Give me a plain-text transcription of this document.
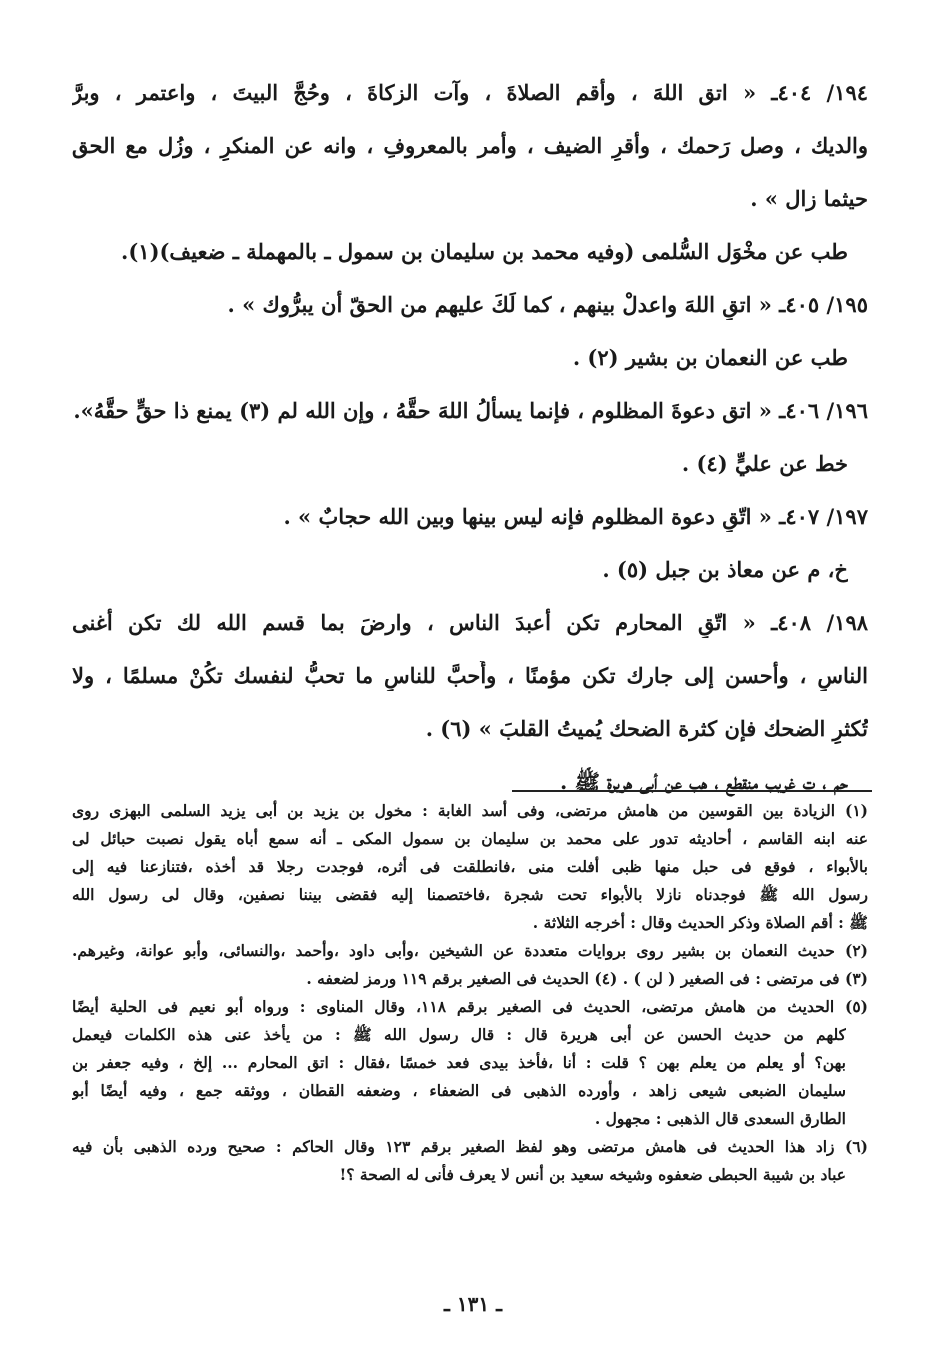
١٩٤/ ٤٠٤ـ « اتق اللهَ ، وأقم الصلاةَ ، وآت الزكاةَ ، وحُجَّ البيتَ ، واعتمر ، وبرَّ
والديك ، وصل رَحمك ، وأقرِ الضيف ، وأمر بالمعروفِ ، وانه عن المنكرِ ، وزُل مع الحق
حيثما زال » .
طب عن مخْوَل السُّلمى (وفيه محمد بن سليمان بن سمول ـ بالمهملة ـ ضعيف)(١).
١٩٥/ ٤٠٥ـ « اتقِ اللهَ واعدلْ بينهم ، كما لَكَ عليهم من الحقّ أن يبرُّوك » .
طب عن النعمان بن بشير (٢) .
١٩٦/ ٤٠٦ـ « اتق دعوةَ المظلوم ، فإنما يسألُ اللهَ حقَّهُ ، وإن الله لم (٣) يمنع ذا حقٍّ حقَّهُ».
خط عن عليٍّ (٤) .
١٩٧/ ٤٠٧ـ « اتّقِ دعوة المظلوم فإنه ليس بينها وبين الله حجابٌ » .
خ، م عن معاذ بن جبل (٥) .
١٩٨/ ٤٠٨ـ « اتّقِ المحارم تكن أعبدَ الناس ، وارضَ بما قسم الله لك تكن أغنى
الناسِ ، وأحسن إلى جارك تكن مؤمنًا ، وأَحبَّ للناسِ ما تحبُّ لنفسك تكُنْ مسلمًا ، ولا
تُكثرِ الضحك فإن كثرة الضحك يُميتُ القلبَ » (٦) .
حم ، ت غريب منقطع ، هب عن أبى هريرة ﷺ .
(١) الزيادة بين القوسين من هامش مرتضى، وفى أسد الغابة : مخول بن يزيد بن أبى يزيد السلمى البهزى روى
عنه ابنه القاسم ، أحاديثه تدور على محمد بن سليمان بن سمول المكى ـ أنه سمع أباه يقول نصبت حبائل لى
بالأبواء ، فوقع فى حبل منها ظبى أفلت منى ،فانطلقت فى أثره، فوجدت رجلا قد أخذه ،فتنازعنا فيه إلى
رسول الله ﷺ فوجدناه نازلا بالأبواء تحت شجرة ،فاختصمنا إليه فقضى بيننا نصفين، وقال لى رسول الله
ﷺ : أقم الصلاة وذكر الحديث وقال : أخرجه الثلاثة .
(٢) حديث النعمان بن بشير روى بروايات متعددة عن الشيخين ،وأبى داود ،وأحمد ،والنسائى، وأبو عوانة، وغيرهم.
(٣) فى مرتضى : فى الصغير ( لن ) . (٤) الحديث فى الصغير برقم ١١٩ ورمز لضعفه .
(٥) الحديث من هامش مرتضى، الحديث فى الصغير برقم ١١٨، وقال المناوى : ورواه أبو نعيم فى الحلية أيضًا
كلهم من حديث الحسن عن أبى هريرة قال : قال رسول الله ﷺ : من يأخذ عنى هذه الكلمات فيعمل
بهن؟ أو يعلم من يعلم بهن ؟ قلت : أنا ،فأخذ بيدى فعد خمسًا ،فقال : اتق المحارم ... إلخ ، وفيه جعفر بن
سليمان الضبعى شيعى زاهد ، وأورده الذهبى فى الضعفاء ، وضعفه القطان ، ووثقه جمع ، وفيه أيضًا أبو
الطارق السعدى قال الذهبى : مجهول .
(٦) زاد هذا الحديث فى هامش مرتضى وهو لفظ الصغير برقم ١٢٣ وقال الحاكم : صحيح ورده الذهبى بأن فيه
عباد بن شيبة الحبطى ضعفوه وشيخه سعيد بن أنس لا يعرف فأنى له الصحة ؟!
ـ ١٣١ ـ
